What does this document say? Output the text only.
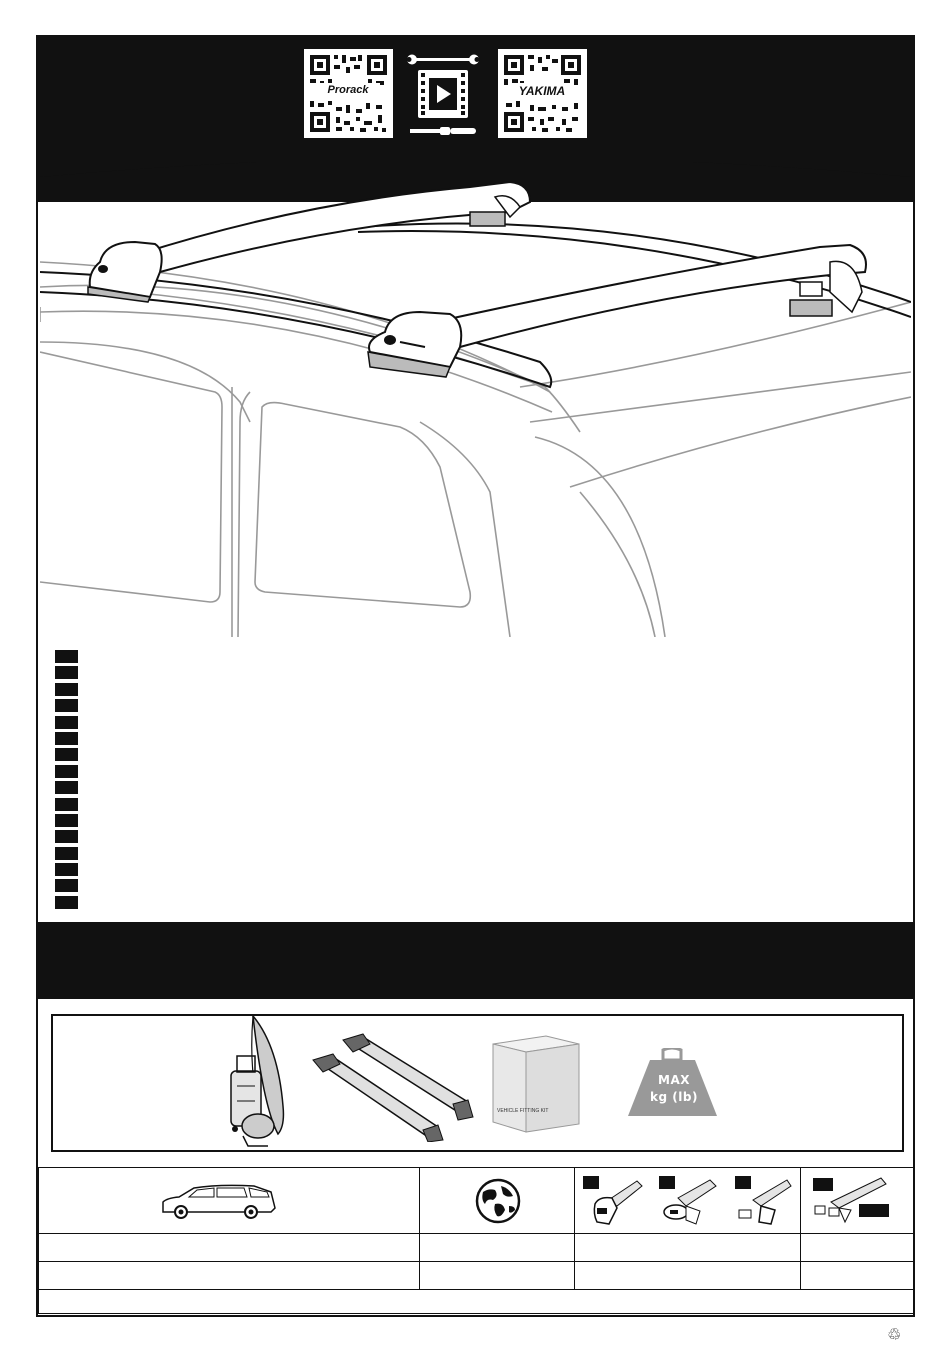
Prorack	YAKIMA
VEHICLE FITTING KIT
MAX
kg (lb)

♲
